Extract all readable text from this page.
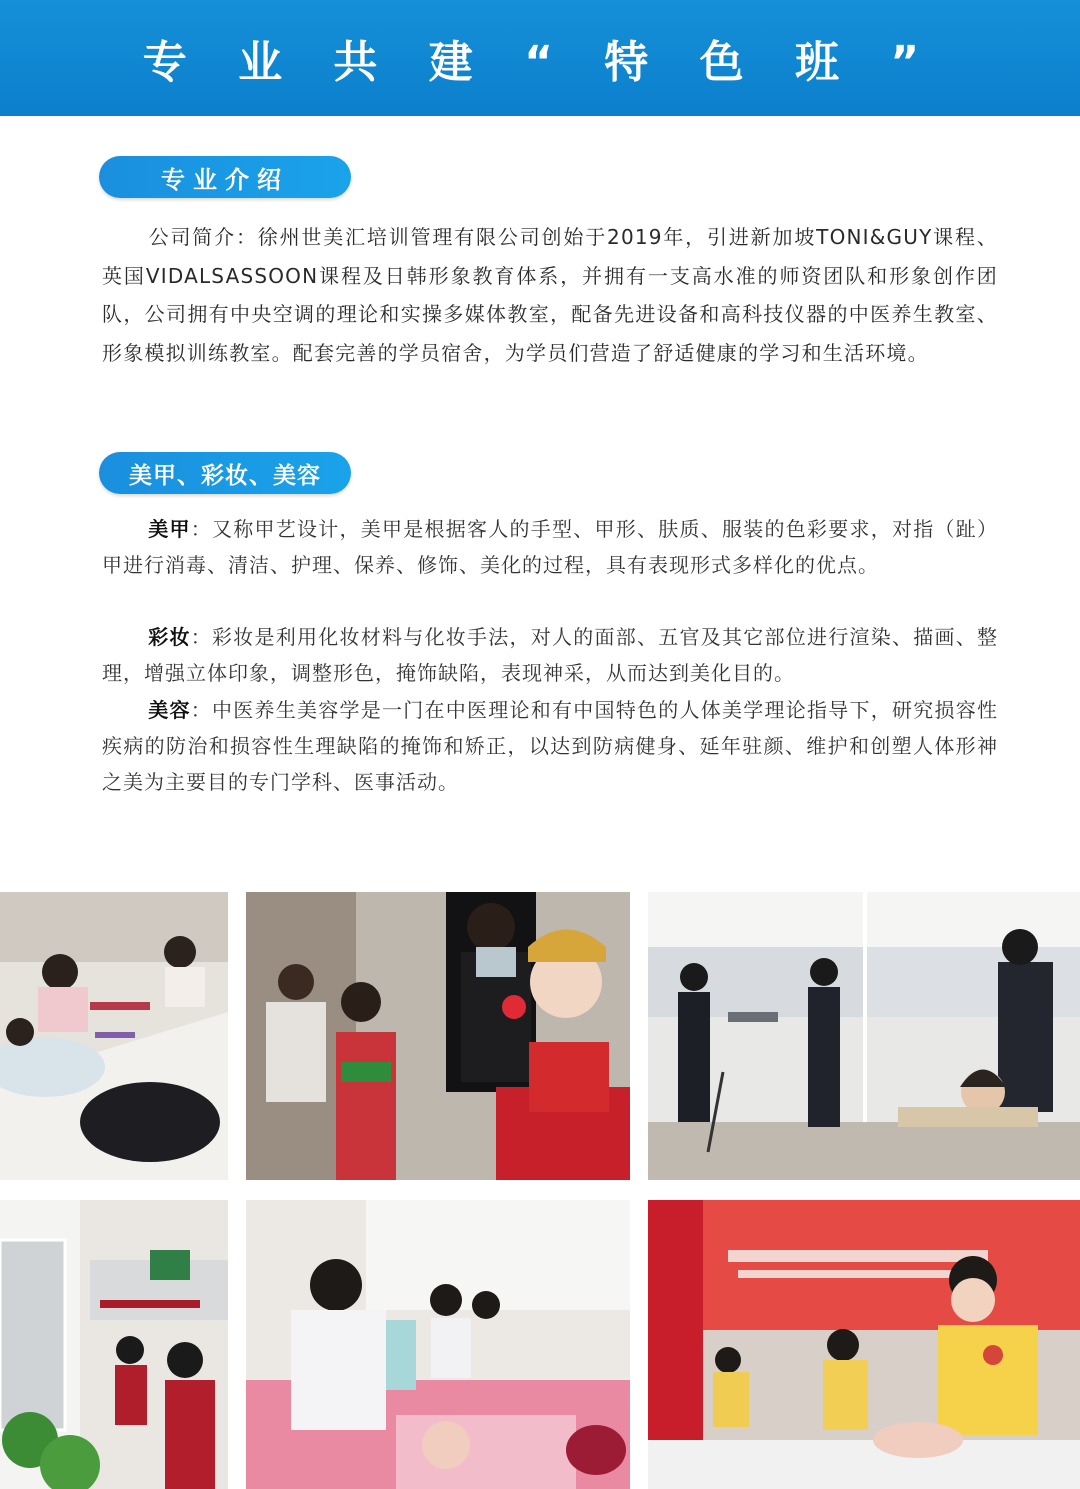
专 业 共 建 “ 特 色 班 ”
专业介绍

公司简介：徐州世美汇培训管理有限公司创始于2019年，引进新加坡TONI&GUY课程、英国VIDALSASSOON课程及日韩形象教育体系，并拥有一支高水准的师资团队和形象创作团队，公司拥有中央空调的理论和实操多媒体教室，配备先进设备和高科技仪器的中医养生教室、形象模拟训练教室。配套完善的学员宿舍，为学员们营造了舒适健康的学习和生活环境。

美甲、彩妆、美容

美甲：又称甲艺设计，美甲是根据客人的手型、甲形、肤质、服装的色彩要求，对指（趾）甲进行消毒、清洁、护理、保养、修饰、美化的过程，具有表现形式多样化的优点。

彩妆：彩妆是利用化妆材料与化妆手法，对人的面部、五官及其它部位进行渲染、描画、整理，增强立体印象，调整形色，掩饰缺陷，表现神采，从而达到美化目的。

美容：中医养生美容学是一门在中医理论和有中国特色的人体美学理论指导下，研究损容性疾病的防治和损容性生理缺陷的掩饰和矫正，以达到防病健身、延年驻颜、维护和创塑人体形神之美为主要目的专门学科、医事活动。
